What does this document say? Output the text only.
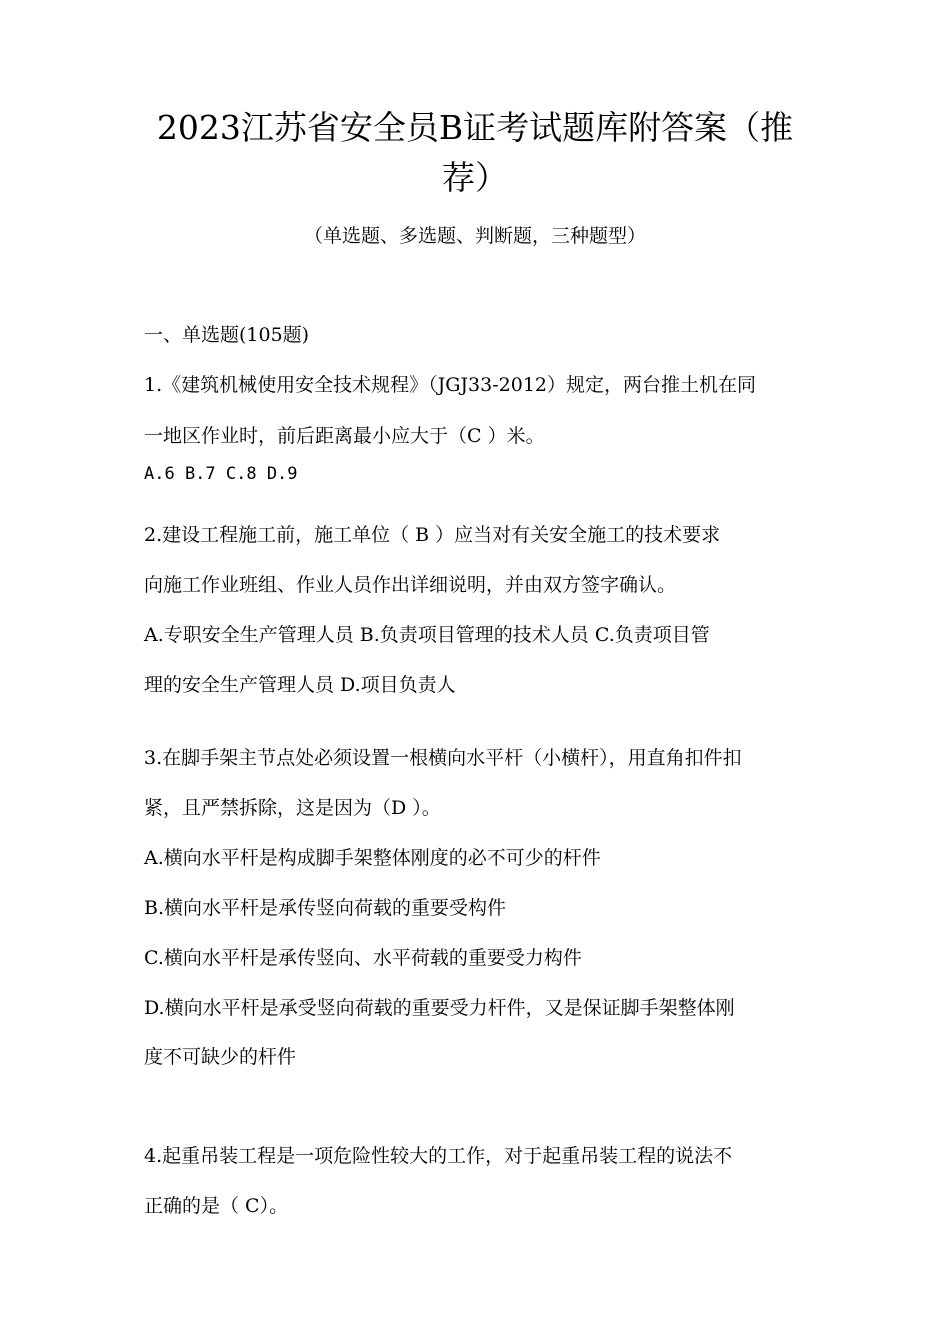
2023江苏省安全员B证考试题库附答案（推
荐）

（单选题、多选题、判断题，三种题型）

一、单选题(105题)

1.《建筑机械使用安全技术规程》（JGJ33-2012）规定，两台推土机在同

一地区作业时，前后距离最小应大于（C ）米。

A.6 B.7 C.8 D.9

2.建设工程施工前，施工单位（ B ）应当对有关安全施工的技术要求

向施工作业班组、作业人员作出详细说明，并由双方签字确认。

A.专职安全生产管理人员 B.负责项目管理的技术人员 C.负责项目管

理的安全生产管理人员 D.项目负责人

3.在脚手架主节点处必须设置一根横向水平杆（小横杆），用直角扣件扣

紧，且严禁拆除，这是因为（D ）。

A.横向水平杆是构成脚手架整体刚度的必不可少的杆件

B.横向水平杆是承传竖向荷载的重要受构件

C.横向水平杆是承传竖向、水平荷载的重要受力构件

D.横向水平杆是承受竖向荷载的重要受力杆件，又是保证脚手架整体刚

度不可缺少的杆件

4.起重吊装工程是一项危险性较大的工作，对于起重吊装工程的说法不

正确的是（ C）。
